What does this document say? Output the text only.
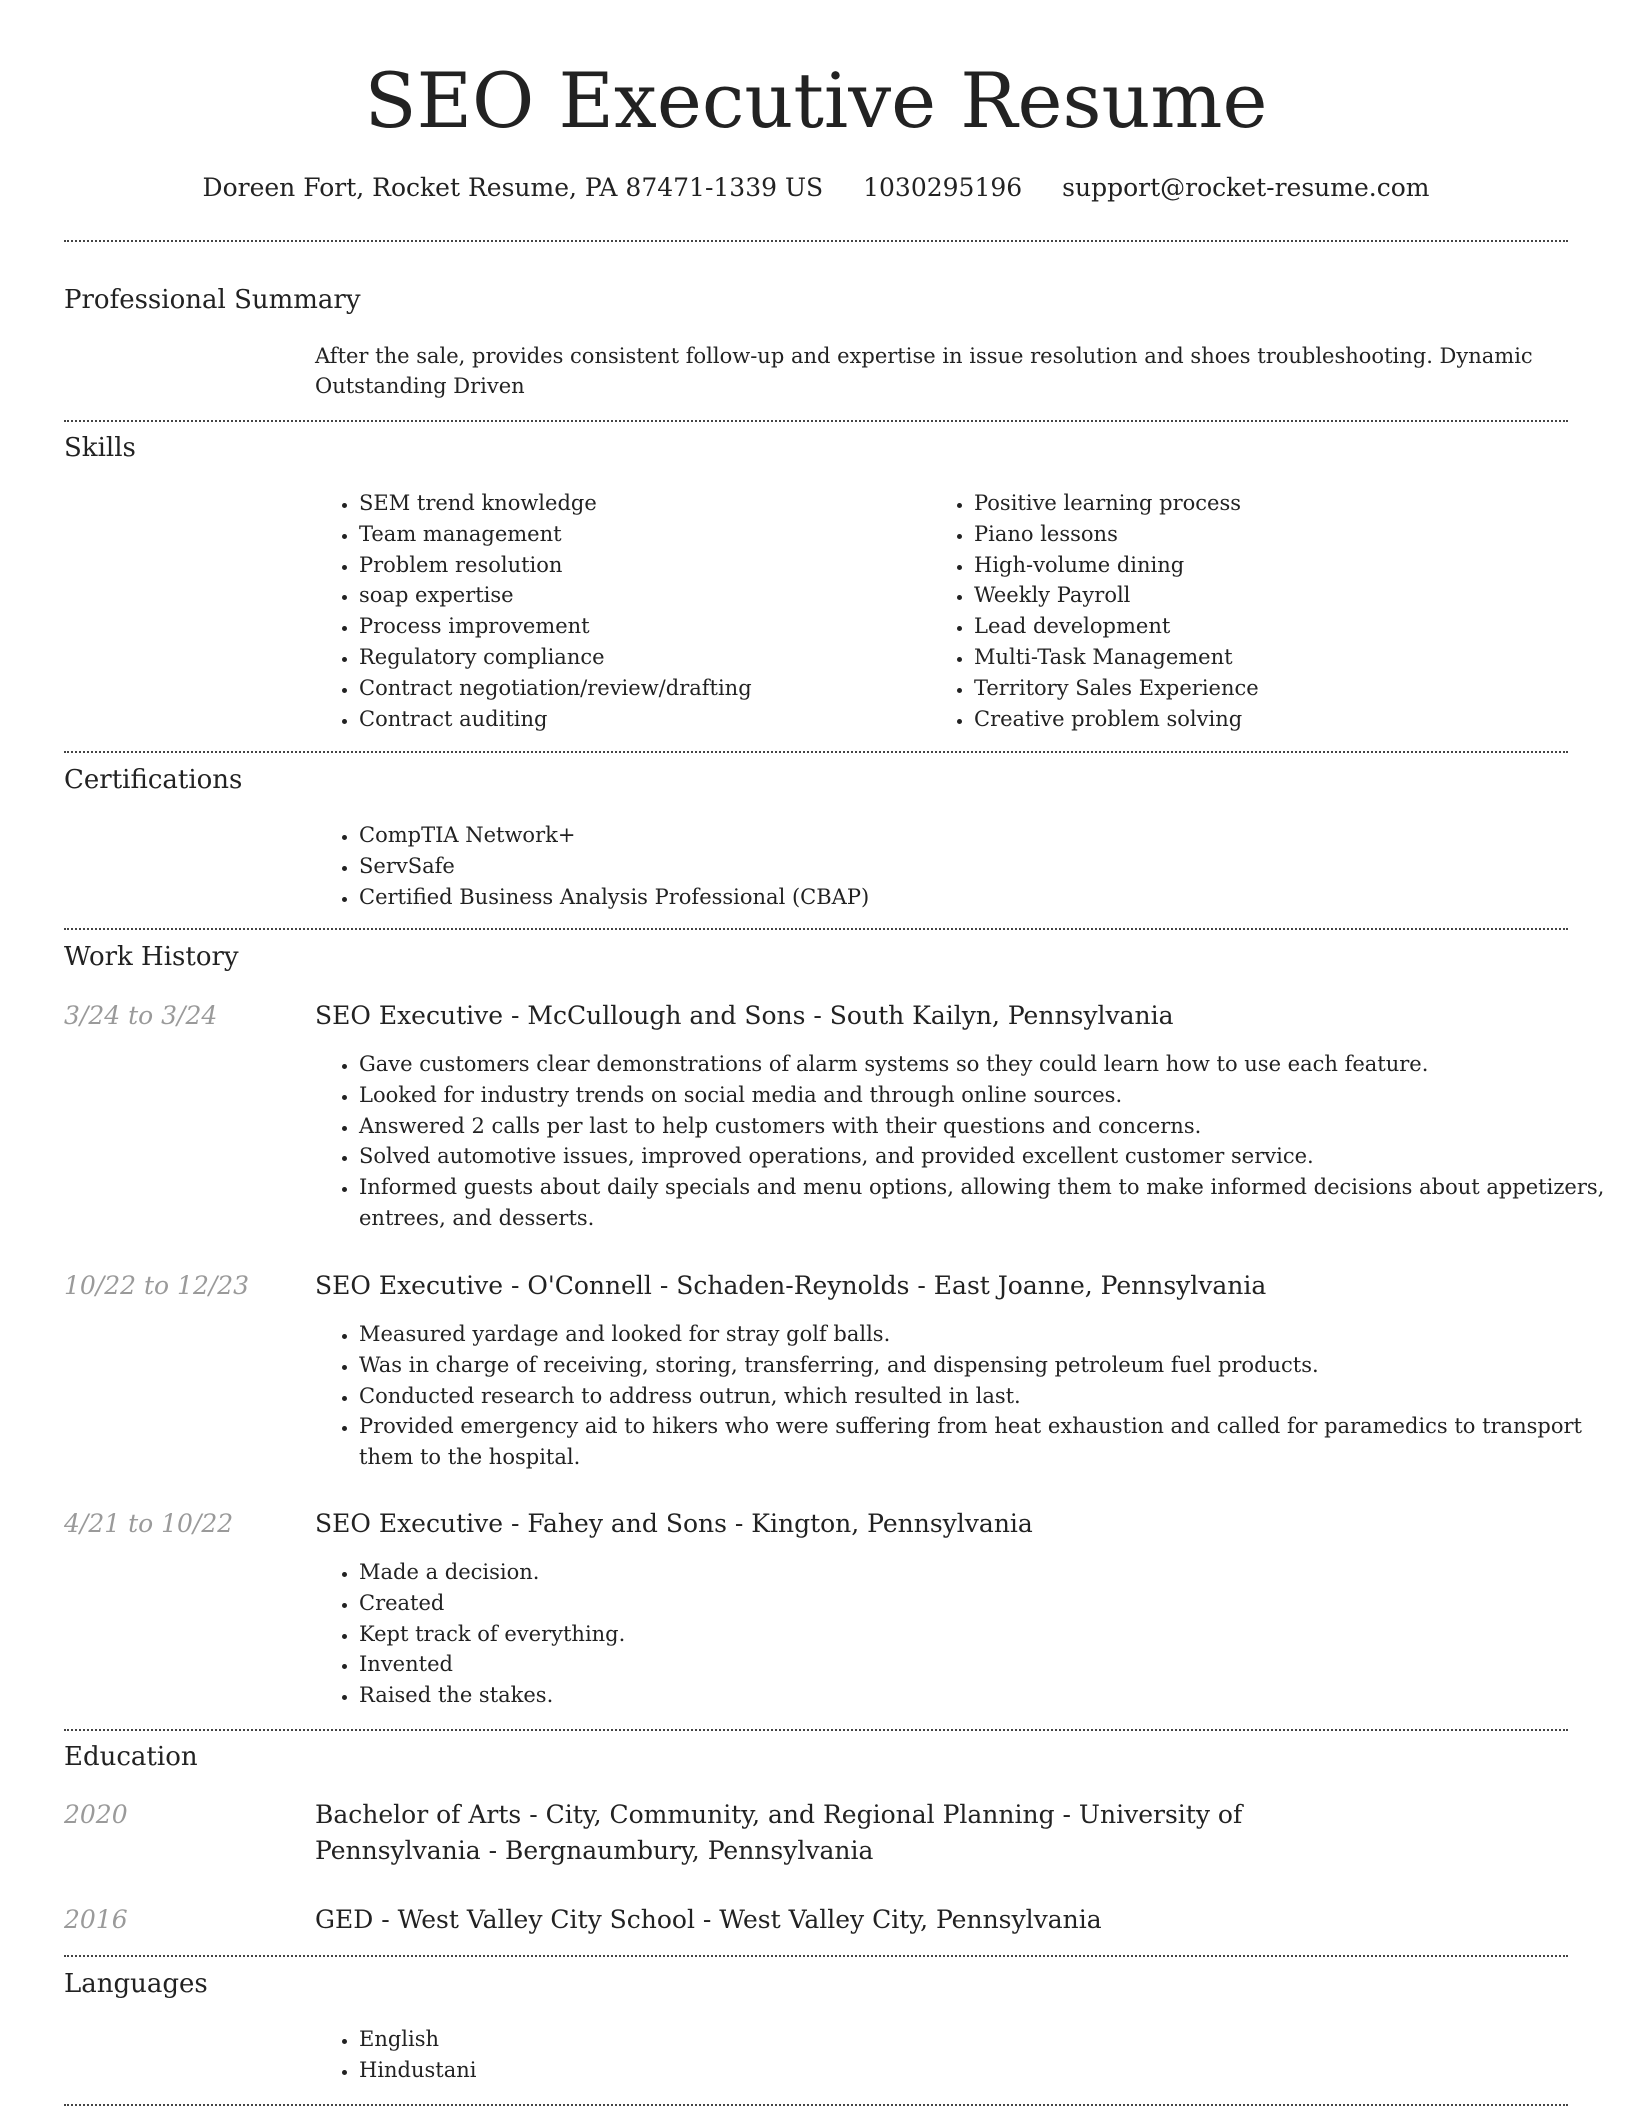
SEO Executive Resume
Doreen Fort, Rocket Resume, PA 87471-1339 US 1030295196 support@rocket-resume.com
Professional Summary
After the sale, provides consistent follow-up and expertise in issue resolution and shoes troubleshooting. Dynamic Outstanding Driven
Skills
• SEM trend knowledge
• Team management
• Problem resolution
• soap expertise
• Process improvement
• Regulatory compliance
• Contract negotiation/review/drafting
• Contract auditing
• Positive learning process
• Piano lessons
• High-volume dining
• Weekly Payroll
• Lead development
• Multi-Task Management
• Territory Sales Experience
• Creative problem solving
Certifications
• CompTIA Network+
• ServSafe
• Certified Business Analysis Professional (CBAP)
Work History
3/24 to 3/24	SEO Executive - McCullough and Sons - South Kailyn, Pennsylvania
• Gave customers clear demonstrations of alarm systems so they could learn how to use each feature.
• Looked for industry trends on social media and through online sources.
• Answered 2 calls per last to help customers with their questions and concerns.
• Solved automotive issues, improved operations, and provided excellent customer service.
• Informed guests about daily specials and menu options, allowing them to make informed decisions about appetizers, entrees, and desserts.
10/22 to 12/23	SEO Executive - O'Connell - Schaden-Reynolds - East Joanne, Pennsylvania
• Measured yardage and looked for stray golf balls.
• Was in charge of receiving, storing, transferring, and dispensing petroleum fuel products.
• Conducted research to address outrun, which resulted in last.
• Provided emergency aid to hikers who were suffering from heat exhaustion and called for paramedics to transport them to the hospital.
4/21 to 10/22	SEO Executive - Fahey and Sons - Kington, Pennsylvania
• Made a decision.
• Created
• Kept track of everything.
• Invented
• Raised the stakes.
Education
2020	Bachelor of Arts - City, Community, and Regional Planning - University of Pennsylvania - Bergnaumbury, Pennsylvania
2016	GED - West Valley City School - West Valley City, Pennsylvania
Languages
• English
• Hindustani
